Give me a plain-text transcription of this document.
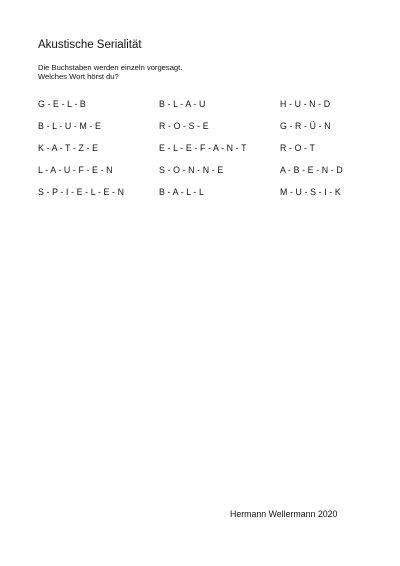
Akustische Serialität
Die Buchstaben werden einzeln vorgesagt.
Welches Wort hörst du?
G - E - L - B	B - L - A - U	H - U - N - D
B - L - U - M - E	R - O - S - E	G - R - Ü - N
K - A - T - Z - E	E - L - E - F - A - N - T	R - O - T
L - A - U - F - E - N	S - O - N - N - E	A - B - E - N - D
S - P - I - E - L - E - N	B - A - L - L	M - U - S - I - K
Hermann Wellermann 2020
